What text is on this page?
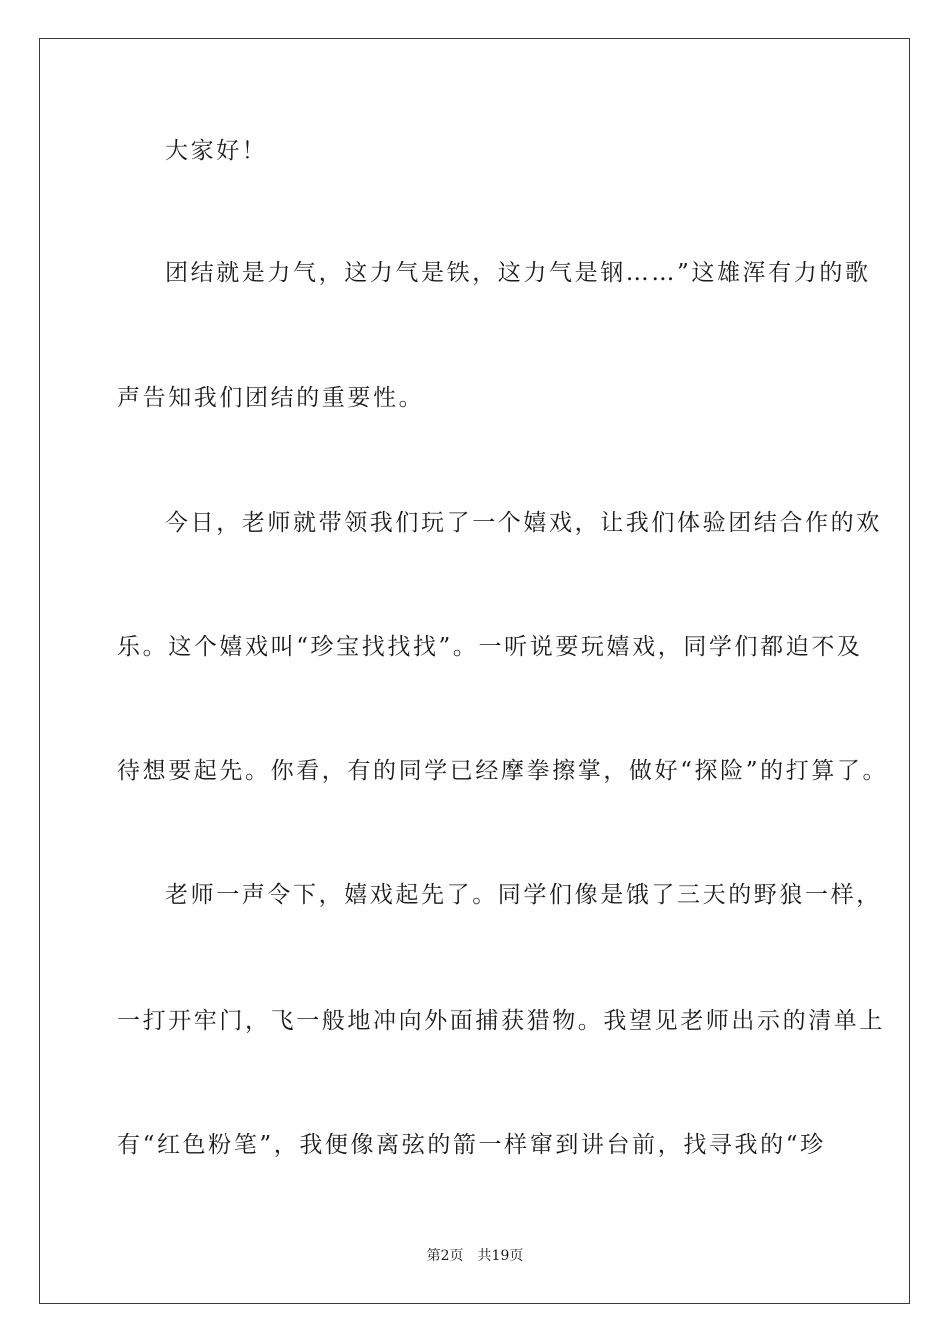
大家好！
团结就是力气，这力气是铁，这力气是钢……”这雄浑有力的歌
声告知我们团结的重要性。
今日，老师就带领我们玩了一个嬉戏，让我们体验团结合作的欢
乐。这个嬉戏叫“珍宝找找找”。一听说要玩嬉戏，同学们都迫不及
待想要起先。你看，有的同学已经摩拳擦掌，做好“探险”的打算了。
老师一声令下，嬉戏起先了。同学们像是饿了三天的野狼一样，
一打开牢门，飞一般地冲向外面捕获猎物。我望见老师出示的清单上
有“红色粉笔”，我便像离弦的箭一样窜到讲台前，找寻我的“珍
第2页 共19页
